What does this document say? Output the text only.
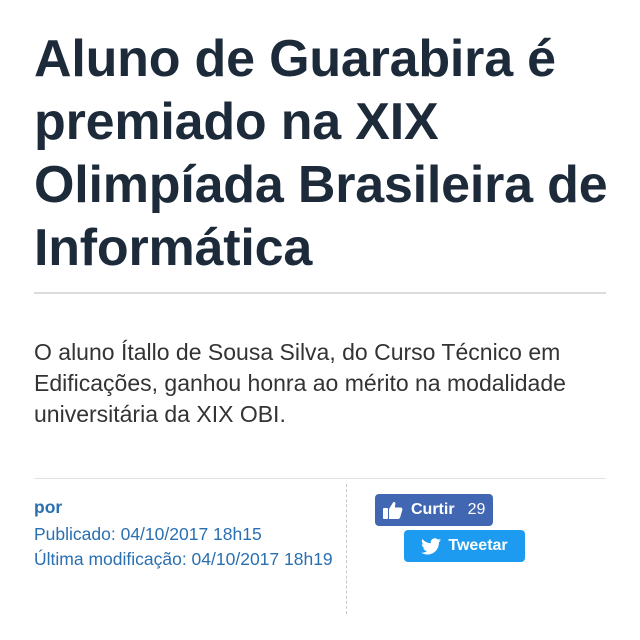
Aluno de Guarabira é premiado na XIX Olimpíada Brasileira de Informática

O aluno Ítallo de Sousa Silva, do Curso Técnico em Edificações, ganhou honra ao mérito na modalidade universitária da XIX OBI.

por
Publicado: 04/10/2017 18h15
Última modificação: 04/10/2017 18h19
Curtir 29
Tweetar
